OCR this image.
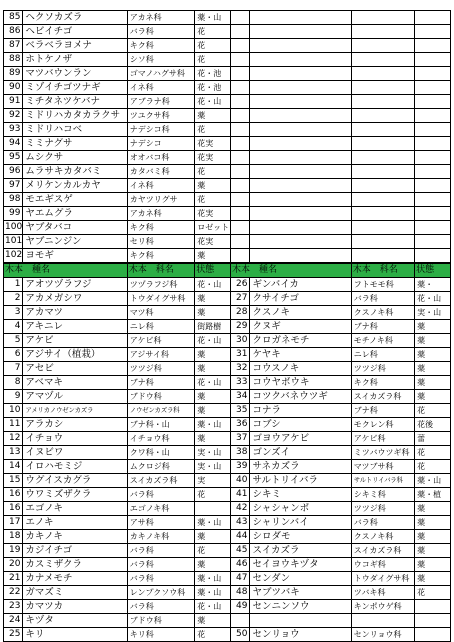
85	ヘクソカズラ	アカネ科	薬・山				
86	ヘビイチゴ	バラ科	花				
87	ベラベラヨメナ	キク科	花				
88	ホトケノザ	シソ科	花				
89	マツバウンラン	ゴマノハグサ科	花・池				
90	ミゾイチゴツナギ	イネ科	花・池				
91	ミチタネツケバナ	アブラナ科	花・山				
92	ミドリハカタカラクサ	ツユクサ科	薬				
93	ミドリハコベ	ナデシコ科	花				
94	ミミナグサ	ナデシコ	花実				
95	ムシクサ	オオバコ科	花実				
96	ムラサキカタバミ	カタバミ科	花				
97	メリケンカルカヤ	イネ科	薬				
98	モエギスゲ	カヤツリグサ	花				
99	ヤエムグラ	アカネ科	花実				
100	ヤブタバコ	キク科	ロゼット				
101	ヤブニンジン	セリ科	花実				
102	ヨモギ	キク科	薬				
木本　種名		木本　科名	状態	木本　種名		木本　科名	状態
1	アオツヅラフジ	ツヅラフジ科	花・山	26	ギンバイカ	フトモモ科	薬・
2	アカメガシワ	トウダイグサ科	薬	27	クサイチゴ	バラ科	花・山
3	アカマツ	マツ科	薬	28	クスノキ	クスノキ科	実・山
4	アキニレ	ニレ科	街路樹	29	クヌギ	ブナ科	薬
5	アケビ	アケビ科	花・山	30	クロガネモチ	モチノキ科	薬
6	アジサイ（植栽）	アジサイ科	薬	31	ケヤキ	ニレ科	薬
7	アセビ	ツツジ科	薬	32	コウスノキ	ツツジ科	薬
8	アベマキ	ブナ科	花・山	33	コウヤボウキ	キク科	薬
9	アマヅル	ブドウ科	薬	34	コツクバネウツギ	スイカズラ科	薬
10	アメリカノウゼンカズラ	ノウゼンカズラ科	薬	35	コナラ	ブナ科	花
11	アラカシ	ブナ科・山	薬・山	36	コブシ	モクレン科	花後
12	イチョウ	イチョウ科	薬	37	ゴヨウアケビ	アケビ科	蕾
13	イヌビワ	クワ科・山	実・山	38	ゴンズイ	ミツバウツギ科	花
14	イロハモミジ	ムクロジ科	実・山	39	サネカズラ	マツブサ科	花
15	ウグイスカグラ	スイカズラ科	実	40	サルトリイバラ	サルトリイバラ科	薬・山
16	ウワミズザクラ	バラ科	花	41	シキミ	シキミ科	薬・植
16	エゴノキ	エゴノキ科		42	シャシャンボ	ツツジ科	薬
17	エノキ	アサ科	薬・山	43	シャリンバイ	バラ科	薬
18	カキノキ	カキノキ科	薬	44	シロダモ	クスノキ科	薬
19	カジイチゴ	バラ科	花	45	スイカズラ	スイカズラ科	薬
20	カスミザクラ	バラ科	薬	46	セイヨウキヅタ	ウコギ科	薬
21	カナメモチ	バラ科	薬・山	47	センダン	トウダイグサ科	薬
22	ガマズミ	レンプクソウ科	薬・山	48	ヤブツバキ	ツバキ科	花
23	カマツカ	バラ科	花・山	49	センニンソウ	キンポウゲ科	
24	キヅタ	ブドウ科	薬				
25	キリ	キリ科	花	50	センリョウ	センリョウ科	
